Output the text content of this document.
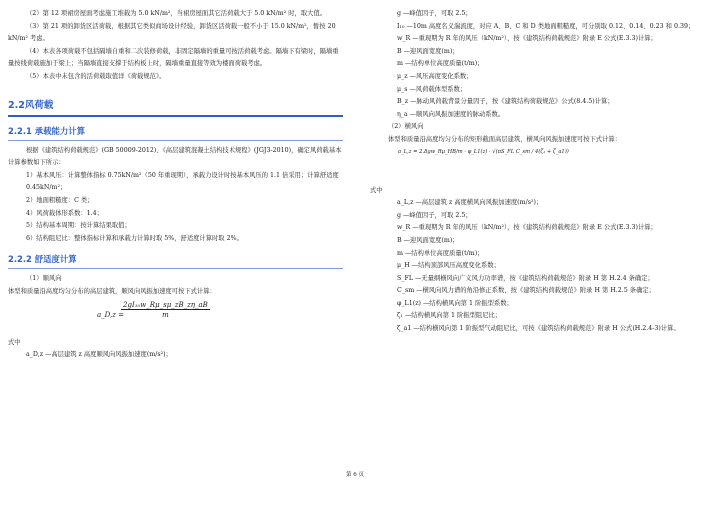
（2）第 12 项裙房屋面考虑施工堆载为 5.0 kN/m²，当裙房屋面其它活荷载大于 5.0 kN/m² 时，取大值。

（3）第 21 项的卸货区活荷载，根据其它类似商场设计经验，卸货区活荷载一般不小于 15.0 kN/m²，暂按 20 kN/m² 考虑。

（4）本表各项荷载不包括隔墙自重和二次装修荷载，非固定隔墙的重量可按活荷载考虑。隔墙下有梁时，隔墙重量按线荷载施加于梁上；当隔墙直接支撑于结构板上时，隔墙重量直接等效为楼面荷载考虑。

（5）本表中未包含的活荷载取值详《荷载规范》。

2.2风荷载
2.2.1 承载能力计算

根据《建筑结构荷载规范》(GB 50009-2012)、《高层建筑混凝土结构技术规程》(JGJ3-2010)，确定风荷载基本计算参数如下所示：

1）基本风压：计算整体指标 0.75kN/m²（50 年重现期），承载力设计时按基本风压的 1.1 倍采用；计算舒适度 0.45kN/m²；

2）地面粗糙度：C 类；

4）风荷载体形系数：1.4；

5）结构基本周期：按计算结果取值；

6）结构阻尼比：整体指标计算和承载力计算时取 5%，舒适度计算时取 2%。

2.2.2 舒适度计算

（1）顺风向

体型和质量沿高度均匀分布的高层建筑，顺风向风振加速度可按下式计算：

a_D,z =
2gI₁₀w_Rμ_sμ_zB_zη_aB
m

式中

a_D,z —高层建筑 z 高度顺风向风振加速度(m/s²)；

g —峰值因子，可取 2.5；

I₁₀ —10m 高度名义湍流度，对应 A、B、C 和 D 类地面粗糙度，可分别取 0.12、0.14、0.23 和 0.39；

w_R —重现期为 R 年的风压（kN/m²），按《建筑结构荷载规范》附录 E 公式(E.3.3)计算；

B —迎风面宽度(m)；

m —结构单位高度质量(t/m)；

μ_z —风压高度变化系数；

μ_s —风荷载体型系数；

B_z —脉动风荷载背景分量因子，按《建筑结构荷载规范》公式(8.4.5)计算；

η_a —顺风向风振加速度的脉动系数。

（2）横风向

体型和质量沿高度均匀分布的矩形截面高层建筑，横风向风振加速度可按下式计算：

a_L,z = 2.8gw_Rμ_HB/m · φ_L1(z) · √(πS_FL C_sm / 4(ζ₁ + ζ_a1))

式中

a_L,z —高层建筑 z 高度横风向风振加速度(m/s²)；

g —峰值因子，可取 2.5；

w_R —重现期为 R 年的风压（kN/m²），按《建筑结构荷载规范》附录 E 公式(E.3.3)计算；

B —迎风面宽度(m)；

m —结构单位高度质量(t/m)；

μ_H —结构顶部风压高度变化系数；

S_FL —无量纲横风向广义风力功率谱，按《建筑结构荷载规范》附录 H 第 H.2.4 条确定；

C_sm —横风向风力谱的角沿修正系数，按《建筑结构荷载规范》附录 H 第 H.2.5 条确定；

φ_L1(z) —结构横风向第 1 阶振型系数；

ζ₁ —结构横风向第 1 阶振型阻尼比；

ζ_a1 —结构横风向第 1 阶振型气动阻尼比，可按《建筑结构荷载规范》附录 H 公式(H.2.4-3)计算。

第 6 页
